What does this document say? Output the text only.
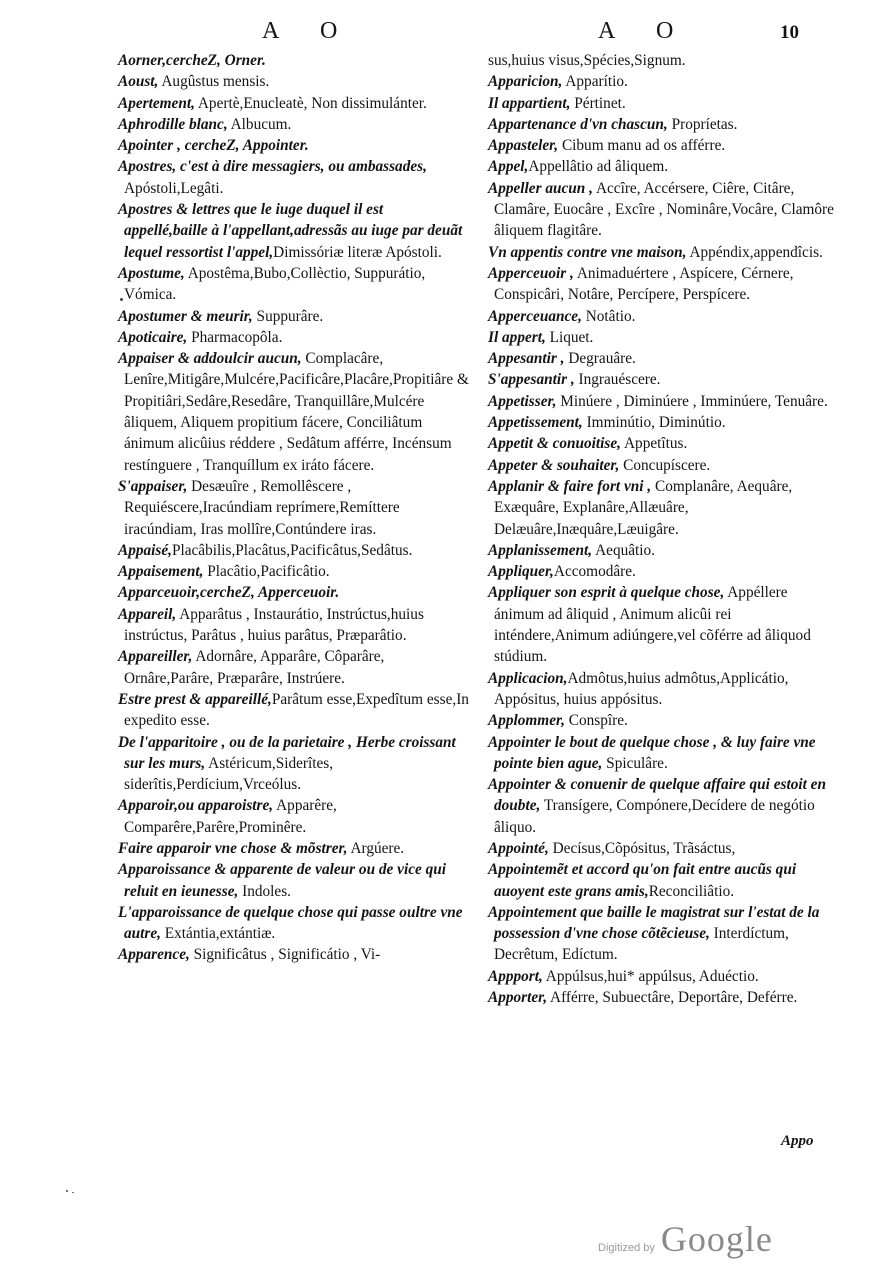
A O	A O	10

Aorner,cercheZ, Orner.

Aoust, Augûstus mensis.

Apertement, Apertè,Enucleatè, Non dissimulánter.

Aphrodille blanc, Albucum.

Apointer , cercheZ, Appointer.

Apostres, c'est à dire messagiers, ou ambassades, Apóstoli,Legâti.

Apostres & lettres que le iuge duquel il est appellé,baille à l'appellant,adressãs au iuge par deuãt lequel ressortist l'appel,Dimissóriæ literæ Apóstoli.

Apostume, Apostêma,Bubo,Collèctio, Suppurátio, Vómica.

Apostumer & meurir, Suppurâre.

Apoticaire, Pharmacopôla.

Appaiser & addoulcir aucun, Complacâre, Lenîre,Mitigâre,Mulcére,Pacificâre,Placâre,Propitiâre & Propitiâri,Sedâre,Resedâre, Tranquillâre,Mulcére âliquem, Aliquem propitium fácere, Conciliâtum ánimum alicûius réddere , Sedâtum afférre, Incénsum restínguere , Tranquíllum ex iráto fácere.

S'appaiser, Desæuîre , Remollêscere , Requiéscere,Iracúndiam reprímere,Remíttere iracúndiam, Iras mollîre,Contúndere iras.

Appaisé,Placâbilis,Placâtus,Pacificâtus,Sedâtus.

Appaisement, Placâtio,Pacificâtio.

Apparceuoir,cercheZ, Apperceuoir.

Appareil, Apparâtus , Instaurátio, Instrúctus,huius instrúctus, Parâtus , huius parâtus, Præparâtio.

Appareiller, Adornâre, Apparâre, Côparâre, Ornâre,Parâre, Præparâre, Instrúere.

Estre prest & appareillé,Parâtum esse,Expedîtum esse,In expedito esse.

De l'apparitoire , ou de la parietaire , Herbe croissant sur les murs, Astéricum,Siderîtes, siderîtis,Perdícium,Vrceólus.

Apparoir,ou apparoistre, Apparêre, Comparêre,Parêre,Prominêre.

Faire apparoir vne chose & mõstrer, Argúere.

Apparoissance & apparente de valeur ou de vice qui reluit en ieunesse, Indoles.

L'apparoissance de quelque chose qui passe oultre vne autre, Extántia,extántiæ.

Apparence, Significâtus , Significátio , Vi-

sus,huius visus,Spécies,Signum.

Apparicion, Apparítio.

Il appartient, Pértinet.

Appartenance d'vn chascun, Propríetas.

Appasteler, Cibum manu ad os afférre.

Appel,Appellâtio ad âliquem.

Appeller aucun , Accîre, Accérsere, Ciêre, Citâre, Clamâre, Euocâre , Excîre , Nominâre,Vocâre, Clamôre âliquem flagitâre.

Vn appentis contre vne maison, Appéndix,appendîcis.

Apperceuoir , Animaduértere , Aspícere, Cérnere, Conspicâri, Notâre, Percípere, Perspícere.

Apperceuance, Notâtio.

Il appert, Liquet.

Appesantir , Degrauâre.

S'appesantir , Ingrauéscere.

Appetisser, Minúere , Diminúere , Imminúere, Tenuâre.

Appetissement, Imminútio, Diminútio.

Appetit & conuoitise, Appetîtus.

Appeter & souhaiter, Concupíscere.

Applanir & faire fort vni , Complanâre, Aequâre, Exæquâre, Explanâre,Allæuâre, Delæuâre,Inæquâre,Læuigâre.

Applanissement, Aequâtio.

Appliquer,Accomodâre.

Appliquer son esprit à quelque chose, Appéllere ánimum ad âliquid , Animum alicûi rei inténdere,Animum adiúngere,vel cõférre ad âliquod stúdium.

Applicacion,Admôtus,huius admôtus,Applicátio, Appósitus, huius appósitus.

Applommer, Conspîre.

Appointer le bout de quelque chose , & luy faire vne pointe bien ague, Spiculâre.

Appointer & conuenir de quelque affaire qui estoit en doubte, Transígere, Compónere,Decídere de negótio âliquo.

Appointé, Decísus,Cõpósitus, Trãsáctus,

Appointemẽt et accord qu'on fait entre aucũs qui auoyent este grans amis,Reconciliâtio.

Appointement que baille le magistrat sur l'estat de la possession d'vne chose cõtẽcieuse, Interdíctum, Decrêtum, Edíctum.

Appport, Appúlsus,hui* appúlsus, Aduéctio.

Apporter, Afférre, Subuectâre, Deportâre, Deférre.

Appo
Digitized by Google
